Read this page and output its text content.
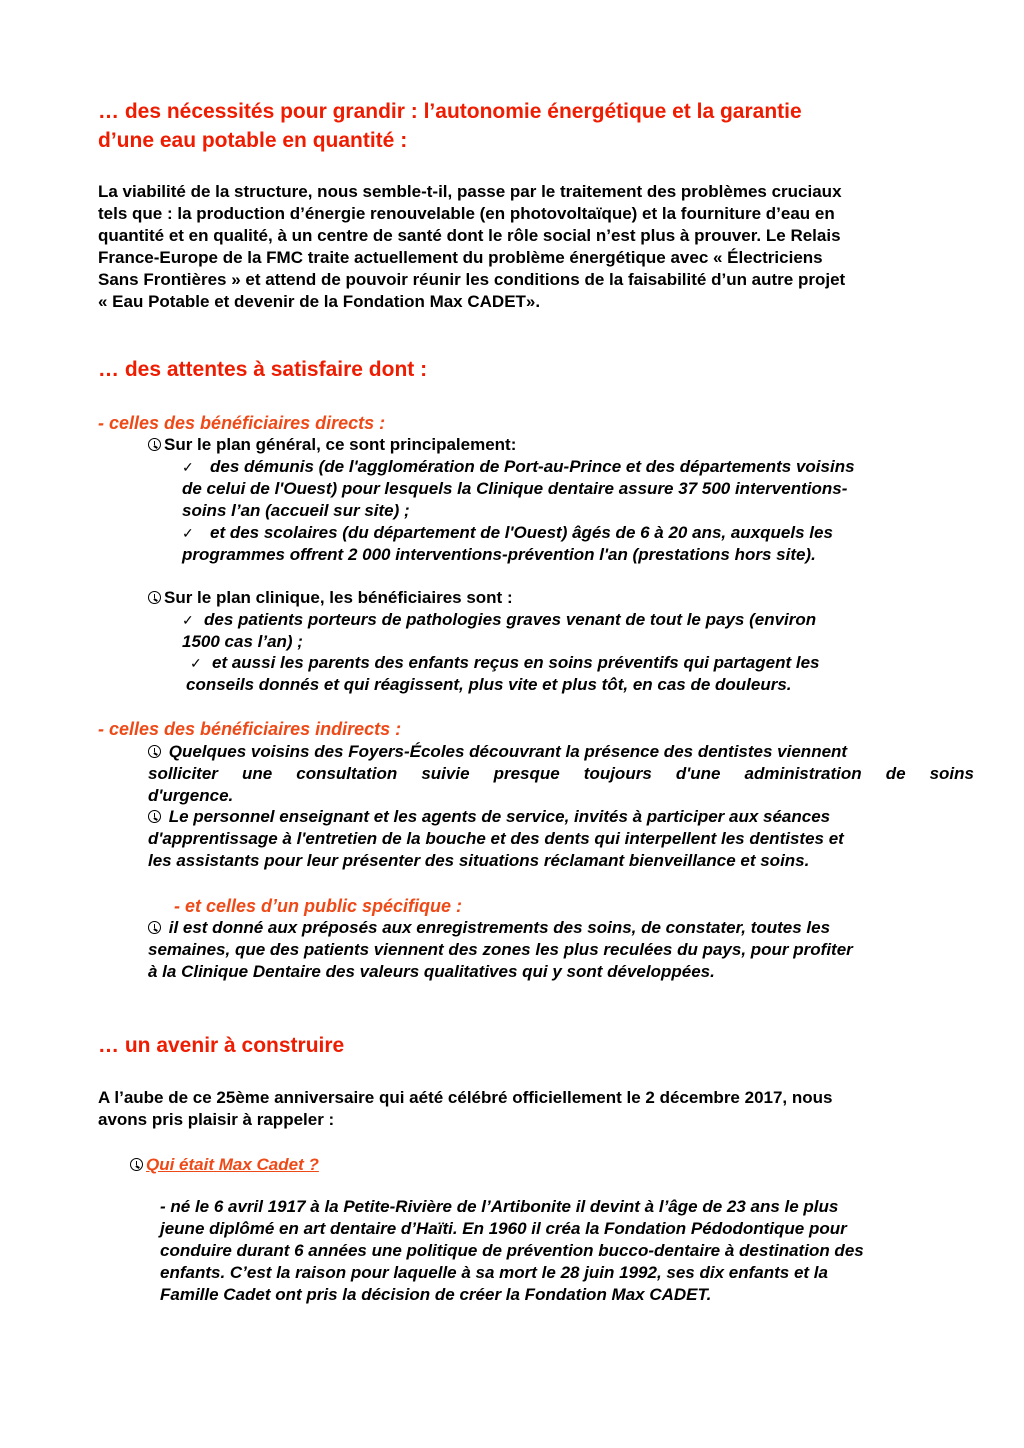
… des nécessités pour grandir : l’autonomie énergétique et la garantie
d’une eau potable en quantité :
La viabilité de la structure, nous semble-t-il, passe par le traitement des problèmes cruciaux
tels que : la production d’énergie renouvelable (en photovoltaïque) et la fourniture d’eau en
quantité et en qualité, à un centre de santé dont le rôle social n’est plus à prouver. Le Relais
France-Europe de la FMC traite actuellement du problème énergétique avec « Électriciens
Sans Frontières » et attend de pouvoir réunir les conditions de la faisabilité d’un autre projet
« Eau Potable et devenir de la Fondation Max CADET».
… des attentes à satisfaire dont :
- celles des bénéficiaires directs :
Sur le plan général, ce sont principalement:
✓ des démunis (de l'agglomération de Port-au-Prince et des départements voisins
de celui de l'Ouest) pour lesquels la Clinique dentaire assure 37 500 interventions-
soins l’an (accueil sur site) ;
✓ et des scolaires (du département de l'Ouest) âgés de 6 à 20 ans, auxquels les
programmes offrent 2 000 interventions-prévention l'an (prestations hors site).
Sur le plan clinique, les bénéficiaires sont :
✓ des patients porteurs de pathologies graves venant de tout le pays (environ
1500 cas l’an) ;
✓ et aussi les parents des enfants reçus en soins préventifs qui partagent les
conseils donnés et qui réagissent, plus vite et plus tôt, en cas de douleurs.
- celles des bénéficiaires indirects :
Quelques voisins des Foyers-Écoles découvrant la présence des dentistes viennent
solliciter une consultation suivie presque toujours d'une administration de soins
d'urgence.
Le personnel enseignant et les agents de service, invités à participer aux séances
d'apprentissage à l'entretien de la bouche et des dents qui interpellent les dentistes et
les assistants pour leur présenter des situations réclamant bienveillance et soins.
- et celles d’un public spécifique :
il est donné aux préposés aux enregistrements des soins, de constater, toutes les
semaines, que des patients viennent des zones les plus reculées du pays, pour profiter
à la Clinique Dentaire des valeurs qualitatives qui y sont développées.
… un avenir à construire
A l’aube de ce 25ème anniversaire qui aété célébré officiellement le 2 décembre 2017, nous
avons pris plaisir à rappeler :
Qui était Max Cadet ?
- né le 6 avril 1917 à la Petite-Rivière de l’Artibonite il devint à l’âge de 23 ans le plus
jeune diplômé en art dentaire d’Haïti. En 1960 il créa la Fondation Pédodontique pour
conduire durant 6 années une politique de prévention bucco-dentaire à destination des
enfants. C’est la raison pour laquelle à sa mort le 28 juin 1992, ses dix enfants et la
Famille Cadet ont pris la décision de créer la Fondation Max CADET.
